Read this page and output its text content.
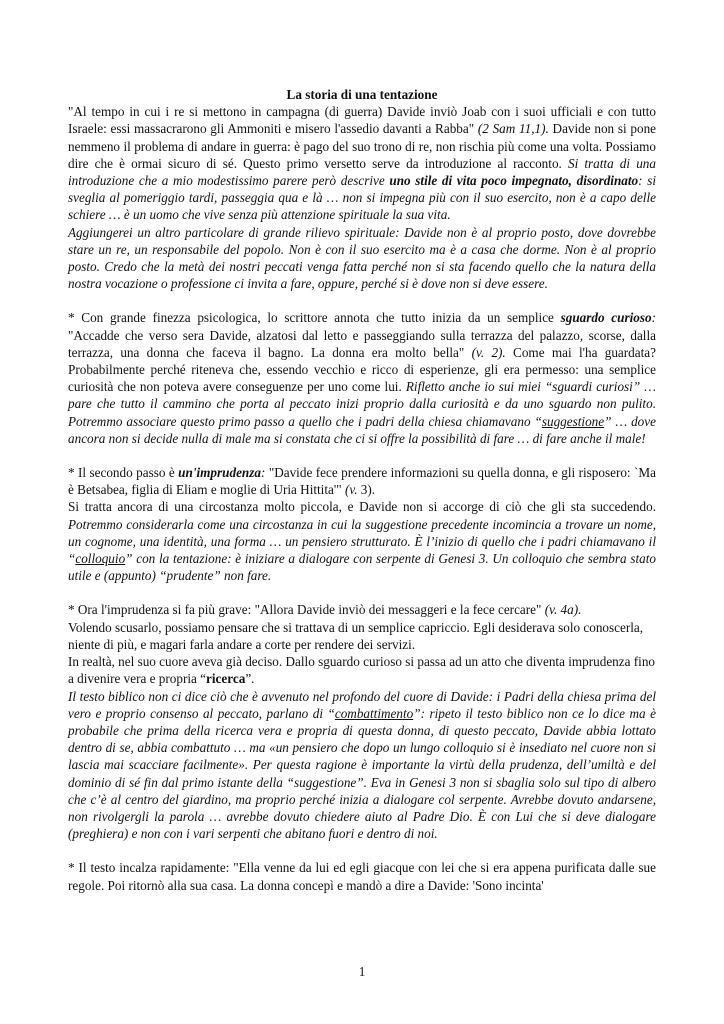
La storia di una tentazione

"Al tempo in cui i re si mettono in campagna (di guerra) Davide inviò Joab con i suoi ufficiali e con tutto Israele: essi massacrarono gli Ammoniti e misero l'assedio davanti a Rabba" (2 Sam 11,1). Davide non si pone nemmeno il problema di andare in guerra: è pago del suo trono di re, non rischia più come una volta. Possiamo dire che è ormai sicuro di sé. Questo primo versetto serve da introduzione al racconto. Si tratta di una introduzione che a mio modestissimo parere però descrive uno stile di vita poco impegnato, disordinato: si sveglia al pomeriggio tardi, passeggia qua e là … non si impegna più con il suo esercito, non è a capo delle schiere … è un uomo che vive senza più attenzione spirituale la sua vita.

Aggiungerei un altro particolare di grande rilievo spirituale: Davide non è al proprio posto, dove dovrebbe stare un re, un responsabile del popolo. Non è con il suo esercito ma è a casa che dorme. Non è al proprio posto. Credo che la metà dei nostri peccati venga fatta perché non si sta facendo quello che la natura della nostra vocazione o professione ci invita a fare, oppure, perché si è dove non si deve essere.

* Con grande finezza psicologica, lo scrittore annota che tutto inizia da un semplice sguardo curioso: "Accadde che verso sera Davide, alzatosi dal letto e passeggiando sulla terrazza del palazzo, scorse, dalla terrazza, una donna che faceva il bagno. La donna era molto bella" (v. 2). Come mai l'ha guardata? Probabilmente perché riteneva che, essendo vecchio e ricco di esperienze, gli era permesso: una semplice curiosità che non poteva avere conseguenze per uno come lui. Rifletto anche io sui miei “sguardi curiosi” …pare che tutto il cammino che porta al peccato inizi proprio dalla curiosità e da uno sguardo non pulito. Potremmo associare questo primo passo a quello che i padri della chiesa chiamavano “suggestione” … dove ancora non si decide nulla di male ma si constata che ci si offre la possibilità di fare … di fare anche il male!

* Il secondo passo è un'imprudenza: "Davide fece prendere informazioni su quella donna, e gli risposero: `Ma è Betsabea, figlia di Eliam e moglie di Uria Hittita'" (v. 3).

Si tratta ancora di una circostanza molto piccola, e Davide non si accorge di ciò che gli sta succedendo. Potremmo considerarla come una circostanza in cui la suggestione precedente incomincia a trovare un nome, un cognome, una identità, una forma … un pensiero strutturato. È l’inizio di quello che i padri chiamavano il “colloquio” con la tentazione: è iniziare a dialogare con serpente di Genesi 3. Un colloquio che sembra stato utile e (appunto) “prudente” non fare.

* Ora l'imprudenza si fa più grave: "Allora Davide inviò dei messaggeri e la fece cercare" (v. 4a).

Volendo scusarlo, possiamo pensare che si trattava di un semplice capriccio. Egli desiderava solo conoscerla, niente di più, e magari farla andare a corte per rendere dei servizi.

In realtà, nel suo cuore aveva già deciso. Dallo sguardo curioso si passa ad un atto che diventa imprudenza fino a divenire vera e propria “ricerca”.

Il testo biblico non ci dice ciò che è avvenuto nel profondo del cuore di Davide: i Padri della chiesa prima del vero e proprio consenso al peccato, parlano di “combattimento”: ripeto il testo biblico non ce lo dice ma è probabile che prima della ricerca vera e propria di questa donna, di questo peccato, Davide abbia lottato dentro di se, abbia combattuto … ma «un pensiero che dopo un lungo colloquio si è insediato nel cuore non si lascia mai scacciare facilmente». Per questa ragione è importante la virtù della prudenza, dell’umiltà e del dominio di sé fin dal primo istante della “suggestione”. Eva in Genesi 3 non si sbaglia solo sul tipo di albero che c’è al centro del giardino, ma proprio perché inizia a dialogare col serpente. Avrebbe dovuto andarsene, non rivolgergli la parola … avrebbe dovuto chiedere aiuto al Padre Dio. È con Lui che si deve dialogare (preghiera) e non con i vari serpenti che abitano fuori e dentro di noi.

* Il testo incalza rapidamente: "Ella venne da lui ed egli giacque con lei che si era appena purificata dalle sue regole. Poi ritornò alla sua casa. La donna concepì e mandò a dire a Davide: 'Sono incinta'

1
